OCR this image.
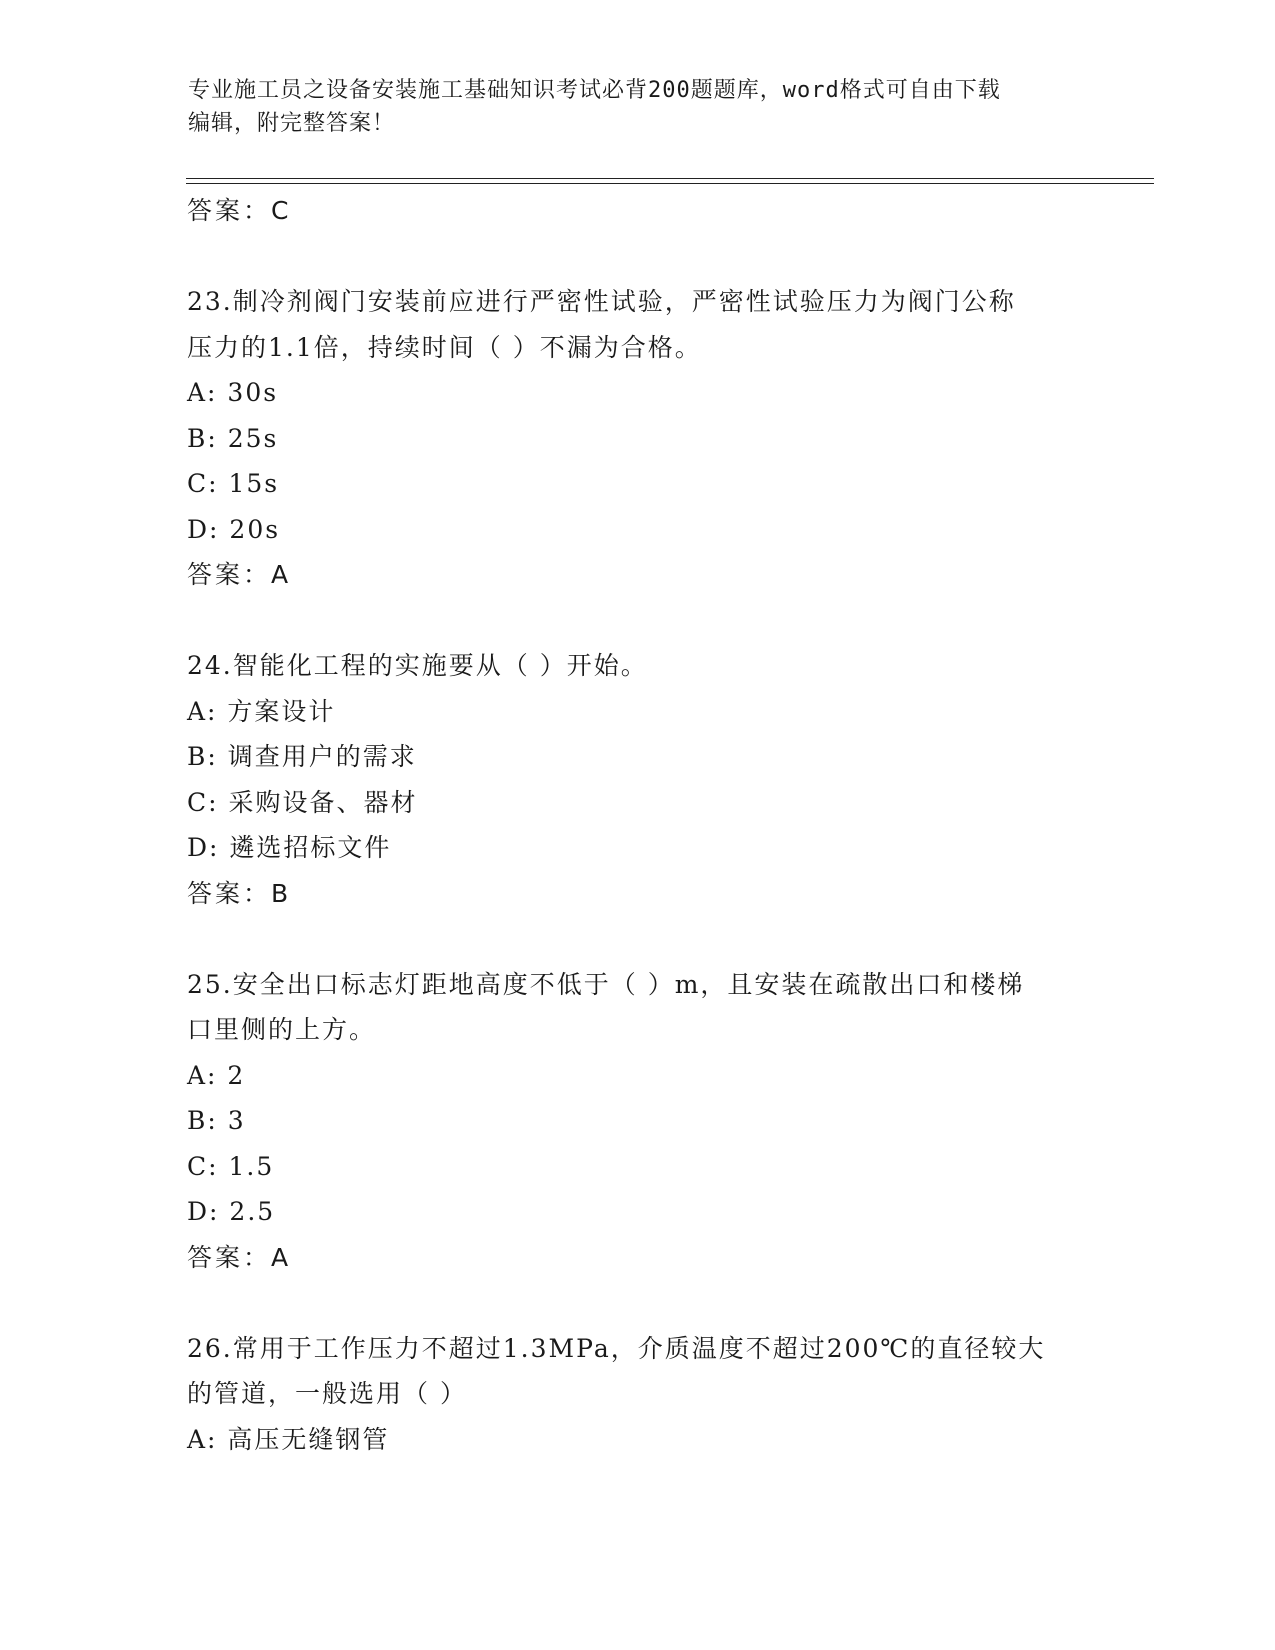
专业施工员之设备安装施工基础知识考试必背200题题库，word格式可自由下载
编辑，附完整答案！
答案：C
23.制冷剂阀门安装前应进行严密性试验，严密性试验压力为阀门公称
压力的1.1倍，持续时间（ ）不漏为合格。
A: 30s
B: 25s
C: 15s
D: 20s
答案：A
24.智能化工程的实施要从（ ）开始。
A: 方案设计
B: 调查用户的需求
C: 采购设备、器材
D: 遴选招标文件
答案：B
25.安全出口标志灯距地高度不低于（ ）m，且安装在疏散出口和楼梯
口里侧的上方。
A: 2
B: 3
C: 1.5
D: 2.5
答案：A
26.常用于工作压力不超过1.3MPa，介质温度不超过200℃的直径较大
的管道，一般选用（ ）
A: 高压无缝钢管
